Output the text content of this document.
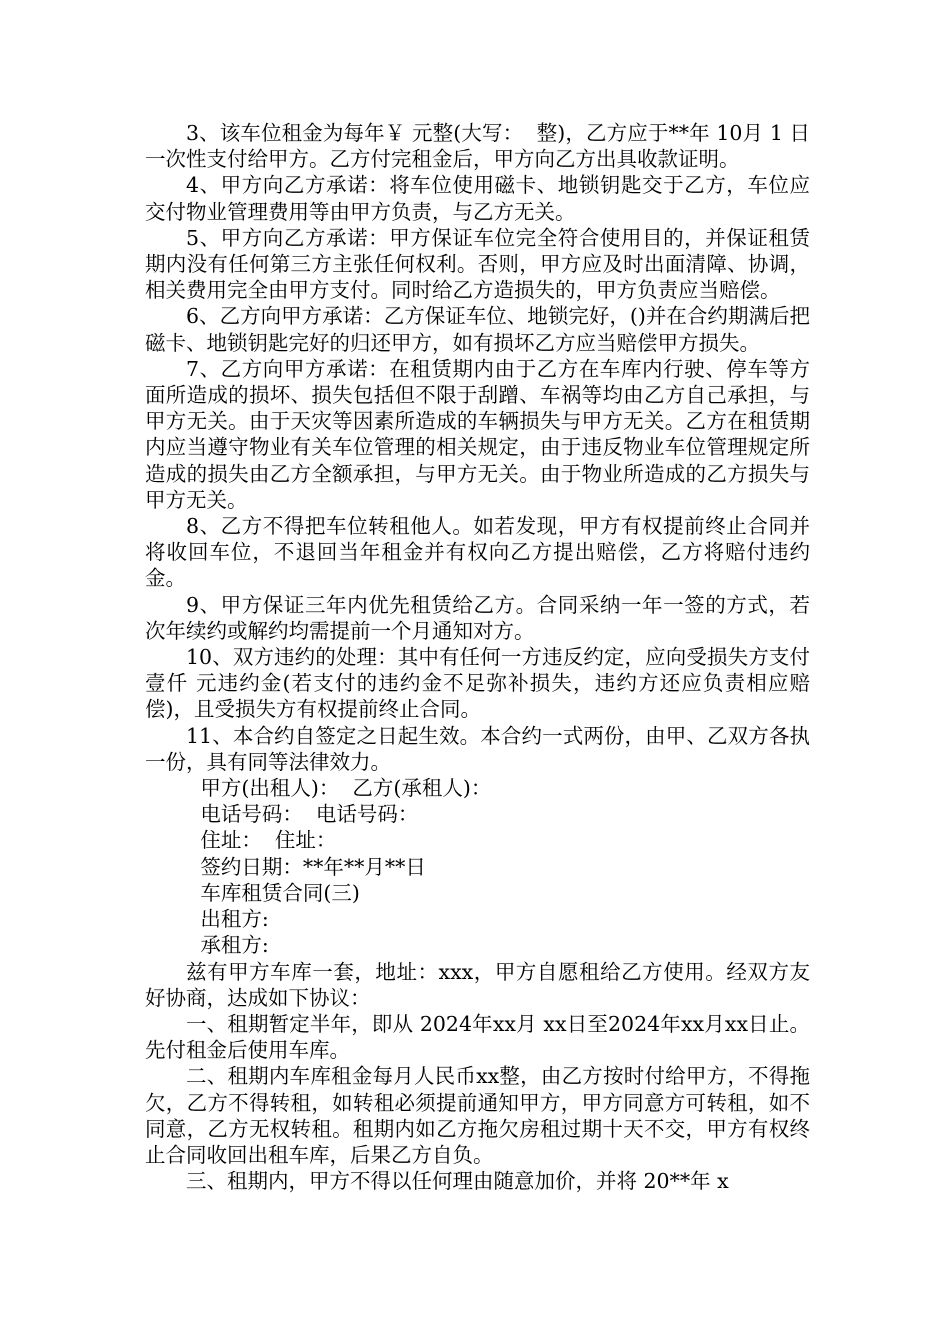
3、该车位租金为每年￥ 元整(大写：  整)，乙方应于**年 10月 1 日一次性支付给甲方。乙方付完租金后，甲方向乙方出具收款证明。

4、甲方向乙方承诺：将车位使用磁卡、地锁钥匙交于乙方，车位应交付物业管理费用等由甲方负责，与乙方无关。

5、甲方向乙方承诺：甲方保证车位完全符合使用目的，并保证租赁期内没有任何第三方主张任何权利。否则，甲方应及时出面清障、协调，相关费用完全由甲方支付。同时给乙方造损失的，甲方负责应当赔偿。

6、乙方向甲方承诺：乙方保证车位、地锁完好，()并在合约期满后把磁卡、地锁钥匙完好的归还甲方，如有损坏乙方应当赔偿甲方损失。

7、乙方向甲方承诺：在租赁期内由于乙方在车库内行驶、停车等方面所造成的损坏、损失包括但不限于刮蹭、车祸等均由乙方自己承担，与甲方无关。由于天灾等因素所造成的车辆损失与甲方无关。乙方在租赁期内应当遵守物业有关车位管理的相关规定，由于违反物业车位管理规定所造成的损失由乙方全额承担，与甲方无关。由于物业所造成的乙方损失与甲方无关。

8、乙方不得把车位转租他人。如若发现，甲方有权提前终止合同并将收回车位，不退回当年租金并有权向乙方提出赔偿，乙方将赔付违约金。

9、甲方保证三年内优先租赁给乙方。合同采纳一年一签的方式，若次年续约或解约均需提前一个月通知对方。

10、双方违约的处理：其中有任何一方违反约定，应向受损失方支付 壹仟 元违约金(若支付的违约金不足弥补损失，违约方还应负责相应赔偿)，且受损失方有权提前终止合同。

11、本合约自签定之日起生效。本合约一式两份，由甲、乙双方各执一份，具有同等法律效力。

甲方(出租人)：  乙方(承租人)：

电话号码：  电话号码：

住址：  住址：

签约日期：**年**月**日

车库租赁合同(三)

出租方:

承租方:

兹有甲方车库一套，地址：xxx，甲方自愿租给乙方使用。经双方友好协商，达成如下协议：

一、租期暂定半年，即从 2024年xx月 xx日至2024年xx月xx日止。先付租金后使用车库。

二、租期内车库租金每月人民币xx整，由乙方按时付给甲方，不得拖欠，乙方不得转租，如转租必须提前通知甲方，甲方同意方可转租，如不同意，乙方无权转租。租期内如乙方拖欠房租过期十天不交，甲方有权终止合同收回出租车库，后果乙方自负。

三、租期内，甲方不得以任何理由随意加价，并将 20**年 x
